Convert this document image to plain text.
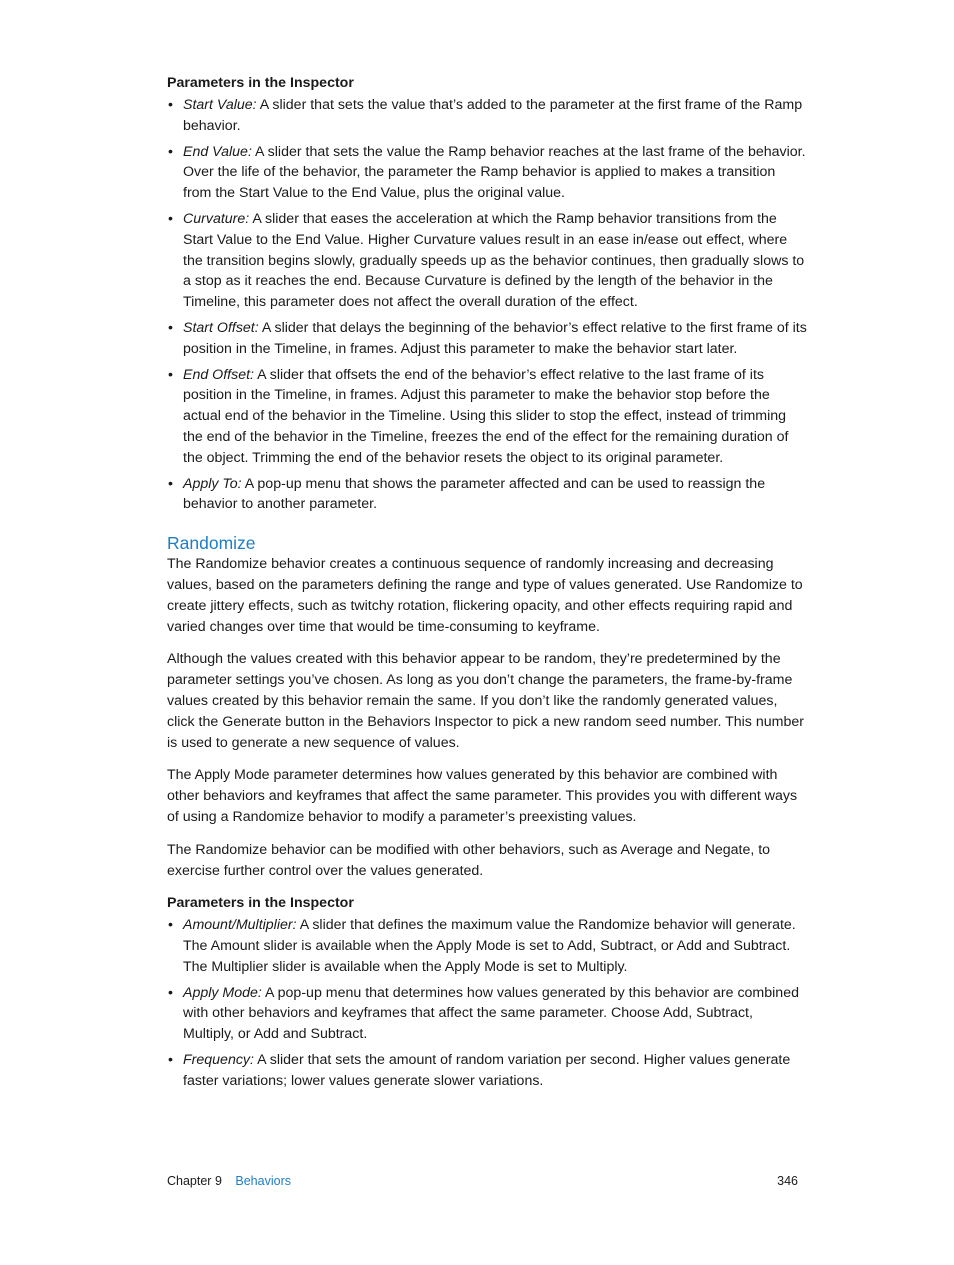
Parameters in the Inspector
• Start Value: A slider that sets the value that’s added to the parameter at the first frame of the Ramp behavior.
• End Value: A slider that sets the value the Ramp behavior reaches at the last frame of the behavior. Over the life of the behavior, the parameter the Ramp behavior is applied to makes a transition from the Start Value to the End Value, plus the original value.
• Curvature: A slider that eases the acceleration at which the Ramp behavior transitions from the Start Value to the End Value. Higher Curvature values result in an ease in/ease out effect, where the transition begins slowly, gradually speeds up as the behavior continues, then gradually slows to a stop as it reaches the end. Because Curvature is defined by the length of the behavior in the Timeline, this parameter does not affect the overall duration of the effect.
• Start Offset: A slider that delays the beginning of the behavior’s effect relative to the first frame of its position in the Timeline, in frames. Adjust this parameter to make the behavior start later.
• End Offset: A slider that offsets the end of the behavior’s effect relative to the last frame of its position in the Timeline, in frames. Adjust this parameter to make the behavior stop before the actual end of the behavior in the Timeline. Using this slider to stop the effect, instead of trimming the end of the behavior in the Timeline, freezes the end of the effect for the remaining duration of the object. Trimming the end of the behavior resets the object to its original parameter.
• Apply To: A pop-up menu that shows the parameter affected and can be used to reassign the behavior to another parameter.
Randomize

The Randomize behavior creates a continuous sequence of randomly increasing and decreasing values, based on the parameters defining the range and type of values generated. Use Randomize to create jittery effects, such as twitchy rotation, flickering opacity, and other effects requiring rapid and varied changes over time that would be time-consuming to keyframe.

Although the values created with this behavior appear to be random, they’re predetermined by the parameter settings you’ve chosen. As long as you don’t change the parameters, the frame-by-frame values created by this behavior remain the same. If you don’t like the randomly generated values, click the Generate button in the Behaviors Inspector to pick a new random seed number. This number is used to generate a new sequence of values.

The Apply Mode parameter determines how values generated by this behavior are combined with other behaviors and keyframes that affect the same parameter. This provides you with different ways of using a Randomize behavior to modify a parameter’s preexisting values.

The Randomize behavior can be modified with other behaviors, such as Average and Negate, to exercise further control over the values generated.

Parameters in the Inspector
• Amount/Multiplier: A slider that defines the maximum value the Randomize behavior will generate. The Amount slider is available when the Apply Mode is set to Add, Subtract, or Add and Subtract. The Multiplier slider is available when the Apply Mode is set to Multiply.
• Apply Mode: A pop-up menu that determines how values generated by this behavior are combined with other behaviors and keyframes that affect the same parameter. Choose Add, Subtract, Multiply, or Add and Subtract.
• Frequency: A slider that sets the amount of random variation per second. Higher values generate faster variations; lower values generate slower variations.
Chapter 9 Behaviors	346
